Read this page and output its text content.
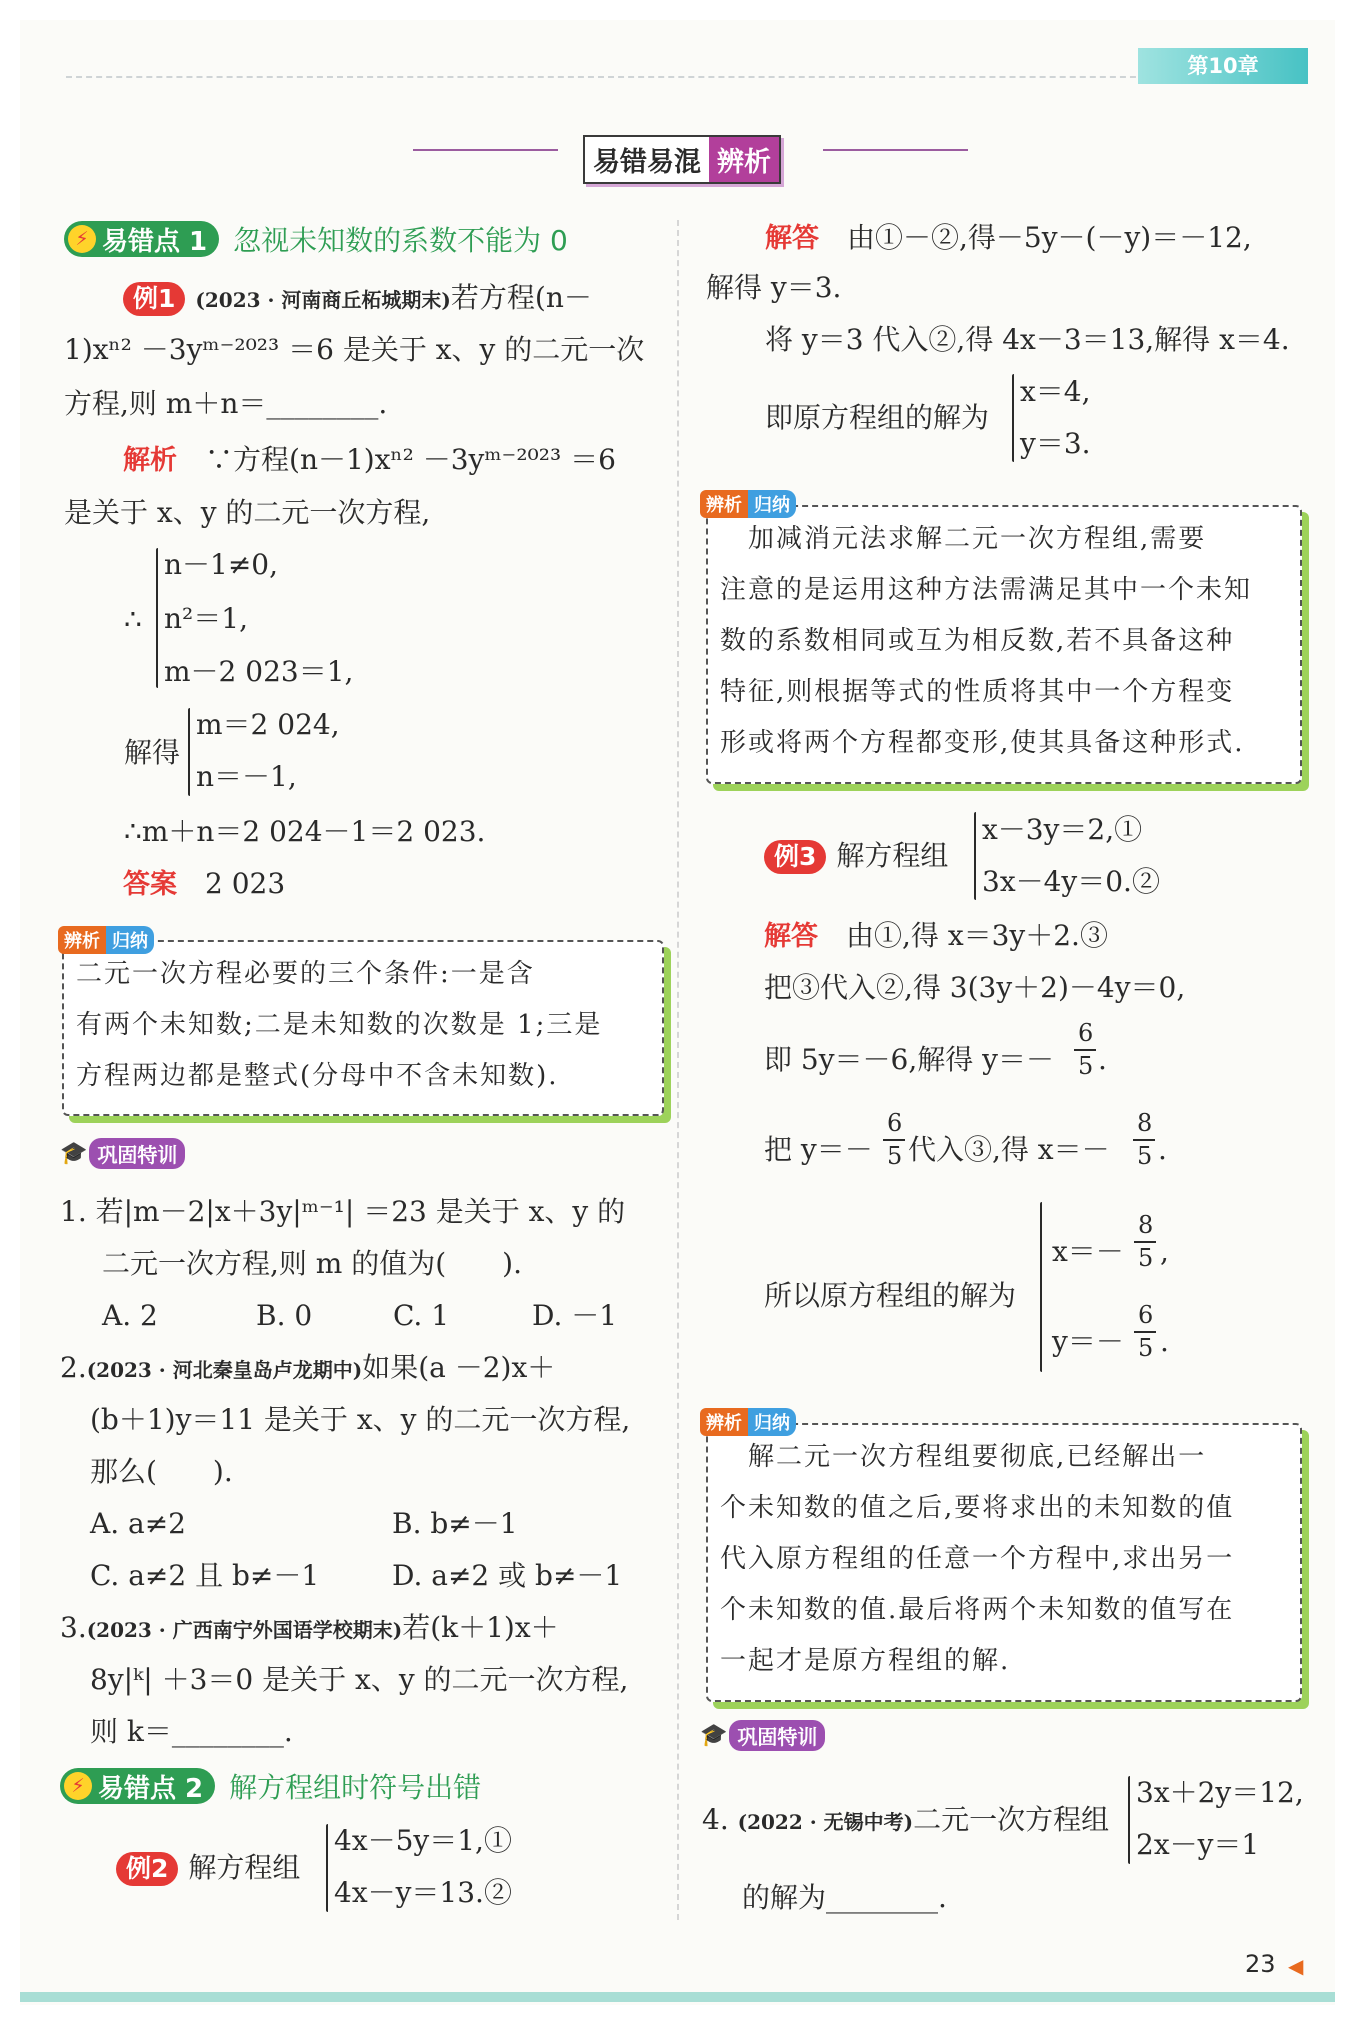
第10章
易错易混 辨析
⚡ 易错点 1 忽视未知数的系数不能为 0
例1 (2023 · 河南商丘柘城期末)若方程(n－
1)xⁿ² －3yᵐ⁻²⁰²³ ＝6 是关于 x、y 的二元一次
方程,则 m＋n＝________.
解析　 ∵方程(n－1)xⁿ² －3yᵐ⁻²⁰²³ ＝6
是关于 x、y 的二元一次方程,
∴
n－1≠0,
n²＝1,
m－2 023＝1,
解得
m＝2 024,
n＝－1,
∴m＋n＝2 024－1＝2 023.
答案　 2 023
二元一次方程必要的三个条件:一是含
有两个未知数;二是未知数的次数是 1;三是
方程两边都是整式(分母中不含未知数).
辨析 归纳
🎓 巩固特训
1. 若|m－2|x＋3y|ᵐ⁻¹| ＝23 是关于 x、y 的
二元一次方程,则 m 的值为(　　).
A. 2	B. 0	C. 1	D. －1
2.(2023 · 河北秦皇岛卢龙期中)如果(a －2)x＋
(b＋1)y＝11 是关于 x、y 的二元一次方程,
那么(　　).
A. a≠2	B. b≠－1
C. a≠2 且 b≠－1	D. a≠2 或 b≠－1
3.(2023 · 广西南宁外国语学校期末)若(k＋1)x＋
8y|ᵏ| ＋3＝0 是关于 x、y 的二元一次方程,
则 k＝________.
⚡ 易错点 2 解方程组时符号出错
例2 解方程组
4x－5y＝1,①
4x－y＝13.②
解答　 由①－②,得－5y－(－y)＝－12,
解得 y＝3.
将 y＝3 代入②,得 4x－3＝13,解得 x＝4.
即原方程组的解为
x＝4,
y＝3.
　加减消元法求解二元一次方程组,需要
注意的是运用这种方法需满足其中一个未知
数的系数相同或互为相反数,若不具备这种
特征,则根据等式的性质将其中一个方程变
形或将两个方程都变形,使其具备这种形式.
辨析 归纳
例3 解方程组
x－3y＝2,①
3x－4y＝0.②
解答　 由①,得 x＝3y＋2.③
把③代入②,得 3(3y＋2)－4y＝0,
即 5y＝－6,解得 y＝－
6
5 .
把 y＝－
6
5 代入③,得 x＝－
8
5 .
所以原方程组的解为
x＝－
8
5 ,
y＝－
6
5 .
　解二元一次方程组要彻底,已经解出一
个未知数的值之后,要将求出的未知数的值
代入原方程组的任意一个方程中,求出另一
个未知数的值.最后将两个未知数的值写在
一起才是原方程组的解.
辨析 归纳
🎓 巩固特训
4. (2022 · 无锡中考)二元一次方程组
3x＋2y＝12,
2x－y＝1
的解为________.
23 ◀
